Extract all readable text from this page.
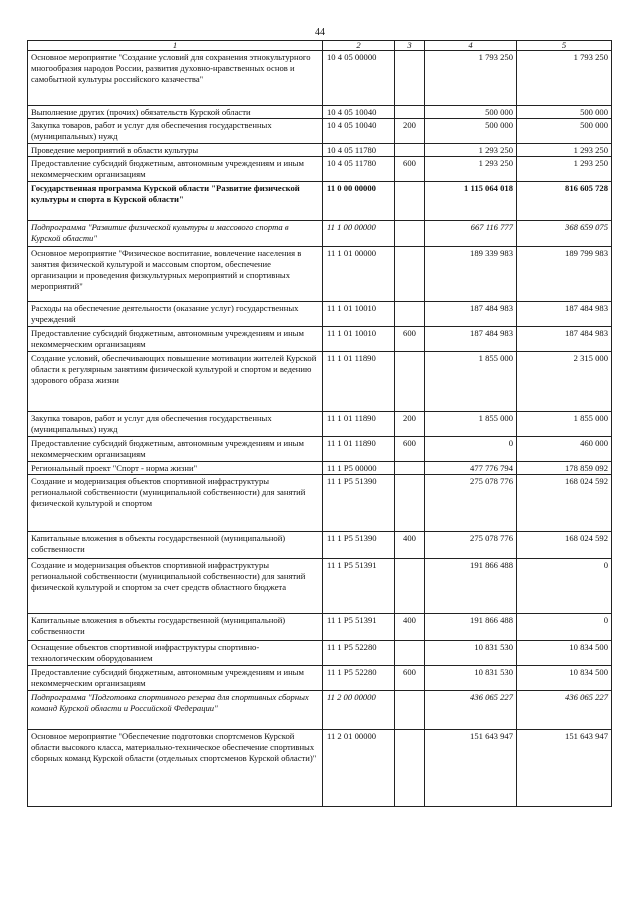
44
1	2	3	4	5
Основное мероприятие "Создание условий для сохранения этнокультурного многообразия народов России, развития духовно-нравственных основ и самобытной культуры российского казачества"	10 4 05 00000		1 793 250	1 793 250
Выполнение других (прочих) обязательств Курской области	10 4 05 10040		500 000	500 000
Закупка товаров, работ и услуг для обеспечения государственных (муниципальных) нужд	10 4 05 10040	200	500 000	500 000
Проведение мероприятий в области культуры	10 4 05 11780		1 293 250	1 293 250
Предоставление субсидий бюджетным, автономным учреждениям и иным некоммерческим организациям	10 4 05 11780	600	1 293 250	1 293 250
Государственная программа Курской области "Развитие физической культуры и спорта в Курской области"	11 0 00 00000		1 115 064 018	816 605 728
Подпрограмма "Развитие физической культуры и массового спорта в Курской области"	11 1 00 00000		667 116 777	368 659 075
Основное мероприятие "Физическое воспитание, вовлечение населения в занятия физической культурой и массовым спортом, обеспечение организации и проведения физкультурных мероприятий и спортивных мероприятий"	11 1 01 00000		189 339 983	189 799 983
Расходы на обеспечение деятельности (оказание услуг) государственных учреждений	11 1 01 10010		187 484 983	187 484 983
Предоставление субсидий бюджетным, автономным учреждениям и иным некоммерческим организациям	11 1 01 10010	600	187 484 983	187 484 983
Создание условий, обеспечивающих повышение мотивации жителей Курской области к регулярным занятиям физической культурой и спортом и ведению здорового образа жизни	11 1 01 11890		1 855 000	2 315 000
Закупка товаров, работ и услуг для обеспечения государственных (муниципальных) нужд	11 1 01 11890	200	1 855 000	1 855 000
Предоставление субсидий бюджетным, автономным учреждениям и иным некоммерческим организациям	11 1 01 11890	600	0	460 000
Региональный проект "Спорт - норма жизни"	11 1 P5 00000		477 776 794	178 859 092
Создание и модернизация объектов спортивной инфраструктуры региональной собственности (муниципальной собственности) для занятий физической культурой и спортом	11 1 P5 51390		275 078 776	168 024 592
Капитальные вложения в объекты государственной (муниципальной) собственности	11 1 P5 51390	400	275 078 776	168 024 592
Создание и модернизация объектов спортивной инфраструктуры региональной собственности (муниципальной собственности) для занятий физической культурой и спортом за счет средств областного бюджета	11 1 P5 51391		191 866 488	0
Капитальные вложения в объекты государственной (муниципальной) собственности	11 1 P5 51391	400	191 866 488	0
Оснащение объектов спортивной инфраструктуры спортивно-технологическим оборудованием	11 1 P5 52280		10 831 530	10 834 500
Предоставление субсидий бюджетным, автономным учреждениям и иным некоммерческим организациям	11 1 P5 52280	600	10 831 530	10 834 500
Подпрограмма "Подготовка спортивного резерва для спортивных сборных команд Курской области и Российской Федерации"	11 2 00 00000		436 065 227	436 065 227
Основное мероприятие "Обеспечение подготовки спортсменов Курской области высокого класса, материально-техническое обеспечение спортивных сборных команд Курской области (отдельных спортсменов Курской области)"	11 2 01 00000		151 643 947	151 643 947
